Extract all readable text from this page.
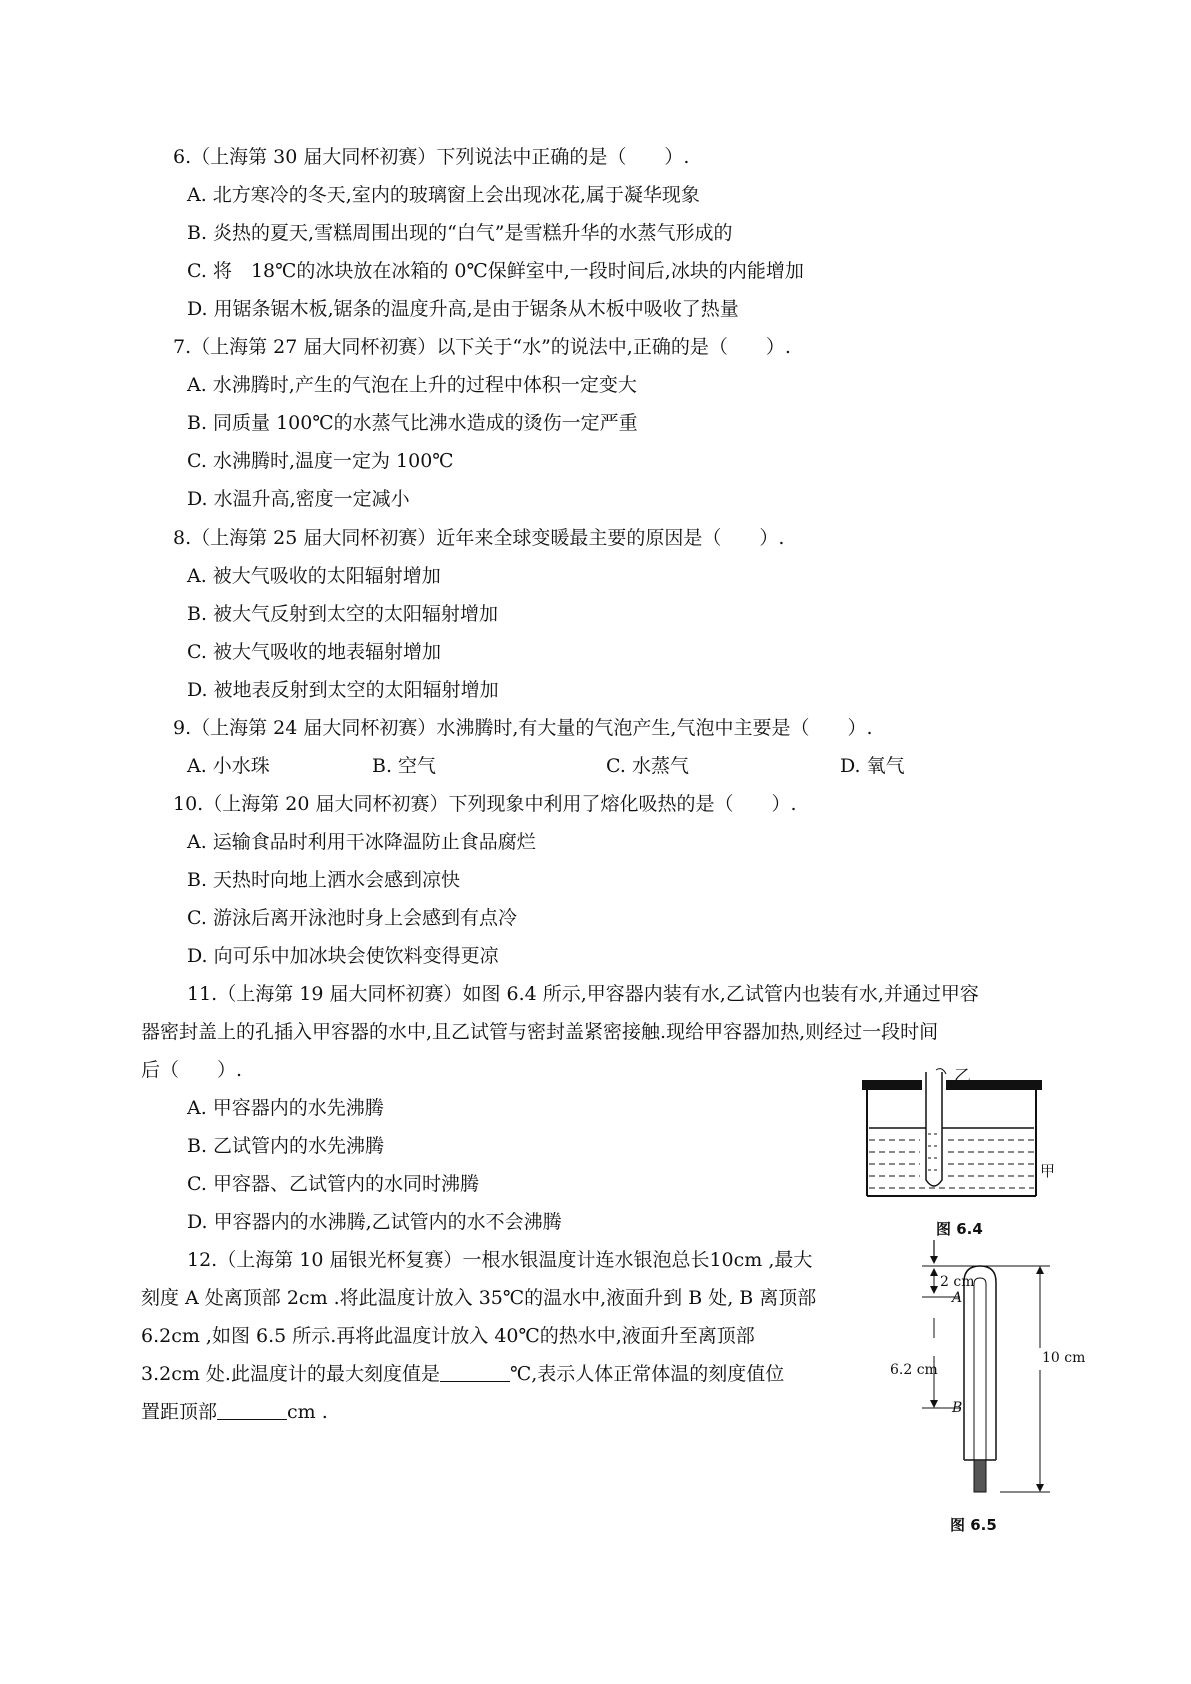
6.（上海第 30 届大同杯初赛）下列说法中正确的是（　　）.
A. 北方寒冷的冬天,室内的玻璃窗上会出现冰花,属于凝华现象
B. 炎热的夏天,雪糕周围出现的“白气”是雪糕升华的水蒸气形成的
C. 将　18℃的冰块放在冰箱的 0℃保鲜室中,一段时间后,冰块的内能增加
D. 用锯条锯木板,锯条的温度升高,是由于锯条从木板中吸收了热量
7.（上海第 27 届大同杯初赛）以下关于“水”的说法中,正确的是（　　）.
A. 水沸腾时,产生的气泡在上升的过程中体积一定变大
B. 同质量 100℃的水蒸气比沸水造成的烫伤一定严重
C. 水沸腾时,温度一定为 100℃
D. 水温升高,密度一定减小
8.（上海第 25 届大同杯初赛）近年来全球变暖最主要的原因是（　　）.
A. 被大气吸收的太阳辐射增加
B. 被大气反射到太空的太阳辐射增加
C. 被大气吸收的地表辐射增加
D. 被地表反射到太空的太阳辐射增加
9.（上海第 24 届大同杯初赛）水沸腾时,有大量的气泡产生,气泡中主要是（　　）.
A. 小水珠	B. 空气	C. 水蒸气	D. 氧气
10.（上海第 20 届大同杯初赛）下列现象中利用了熔化吸热的是（　　）.
A. 运输食品时利用干冰降温防止食品腐烂
B. 天热时向地上洒水会感到凉快
C. 游泳后离开泳池时身上会感到有点冷
D. 向可乐中加冰块会使饮料变得更凉
11.（上海第 19 届大同杯初赛）如图 6.4 所示,甲容器内装有水,乙试管内也装有水,并通过甲容
器密封盖上的孔插入甲容器的水中,且乙试管与密封盖紧密接触.现给甲容器加热,则经过一段时间
后（　　）.
A. 甲容器内的水先沸腾
B. 乙试管内的水先沸腾
C. 甲容器、乙试管内的水同时沸腾
D. 甲容器内的水沸腾,乙试管内的水不会沸腾
乙
甲
图 6.4
12.（上海第 10 届银光杯复赛）一根水银温度计连水银泡总长10cm ,最大
刻度 A 处离顶部 2cm .将此温度计放入 35℃的温水中,液面升到 B 处, B 离顶部
6.2cm ,如图 6.5 所示.再将此温度计放入 40℃的热水中,液面升至离顶部
3.2cm 处.此温度计的最大刻度值是	℃,表示人体正常体温的刻度值位
置距顶部	cm .
2 cm
A
6.2 cm
10 cm
B
图 6.5
